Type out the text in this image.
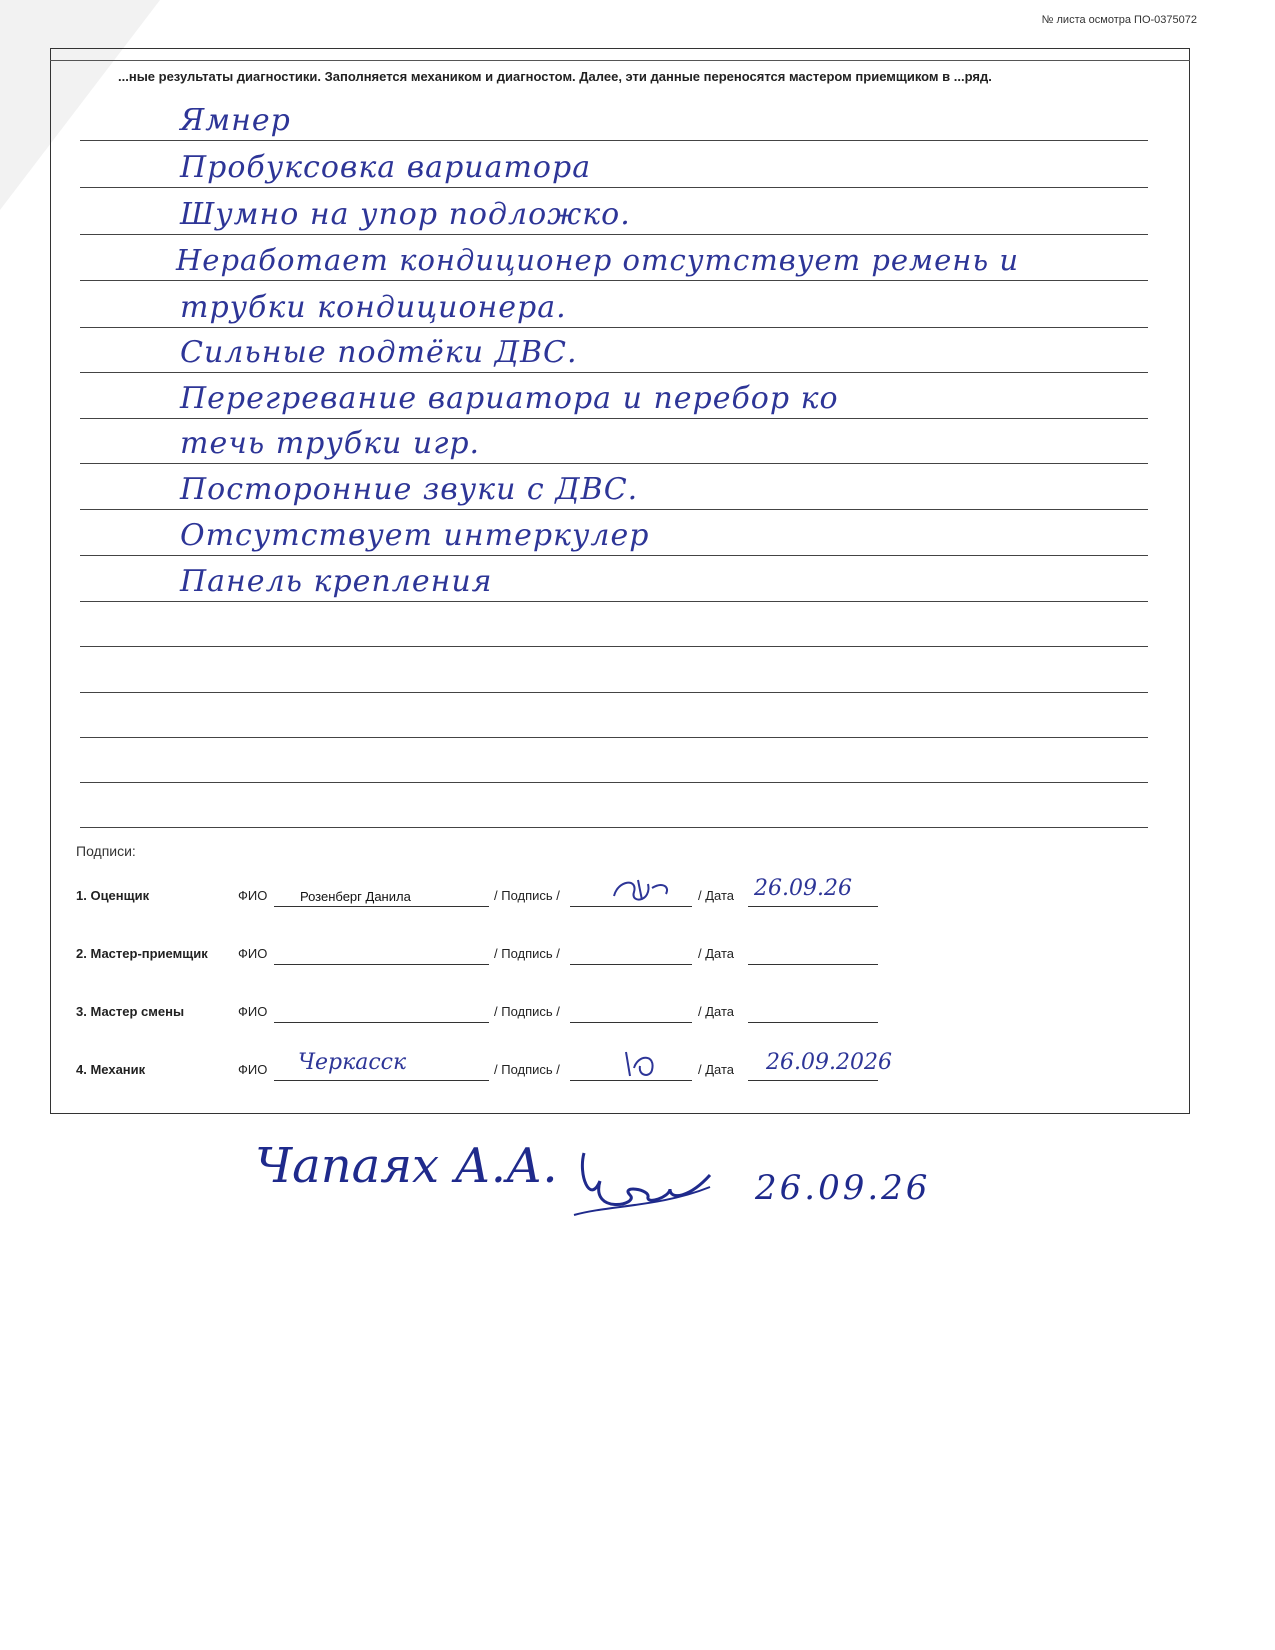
№ листа осмотра ПО-0375072
...ные результаты диагностики. Заполняется механиком и диагностом. Далее, эти данные переносятся мастером приемщиком в ...ряд.
Ямнер
Пробуксовка вариатора
Шумно на упор подложко.
Неработает кондиционер отсутствует ремень и
трубки кондиционера.
Сильные подтёки ДВС.
Перегревание вариатора и перебор ко
течь трубки игр.
Посторонние звуки с ДВС.
Отсутствует интеркулер
Панель крепления
Подписи:
1. Оценщик	ФИО	Розенберг Данила	/ Подпись /	/ Дата 26.09.26
2. Мастер-приемщик ФИО	/ Подпись /	/ Дата
3. Мастер смены	ФИО	/ Подпись /	/ Дата
4. Механик	ФИО Черкасск	/ Подпись /	/ Дата 26.09.2026
Чапаях А.А.	26.09.26
